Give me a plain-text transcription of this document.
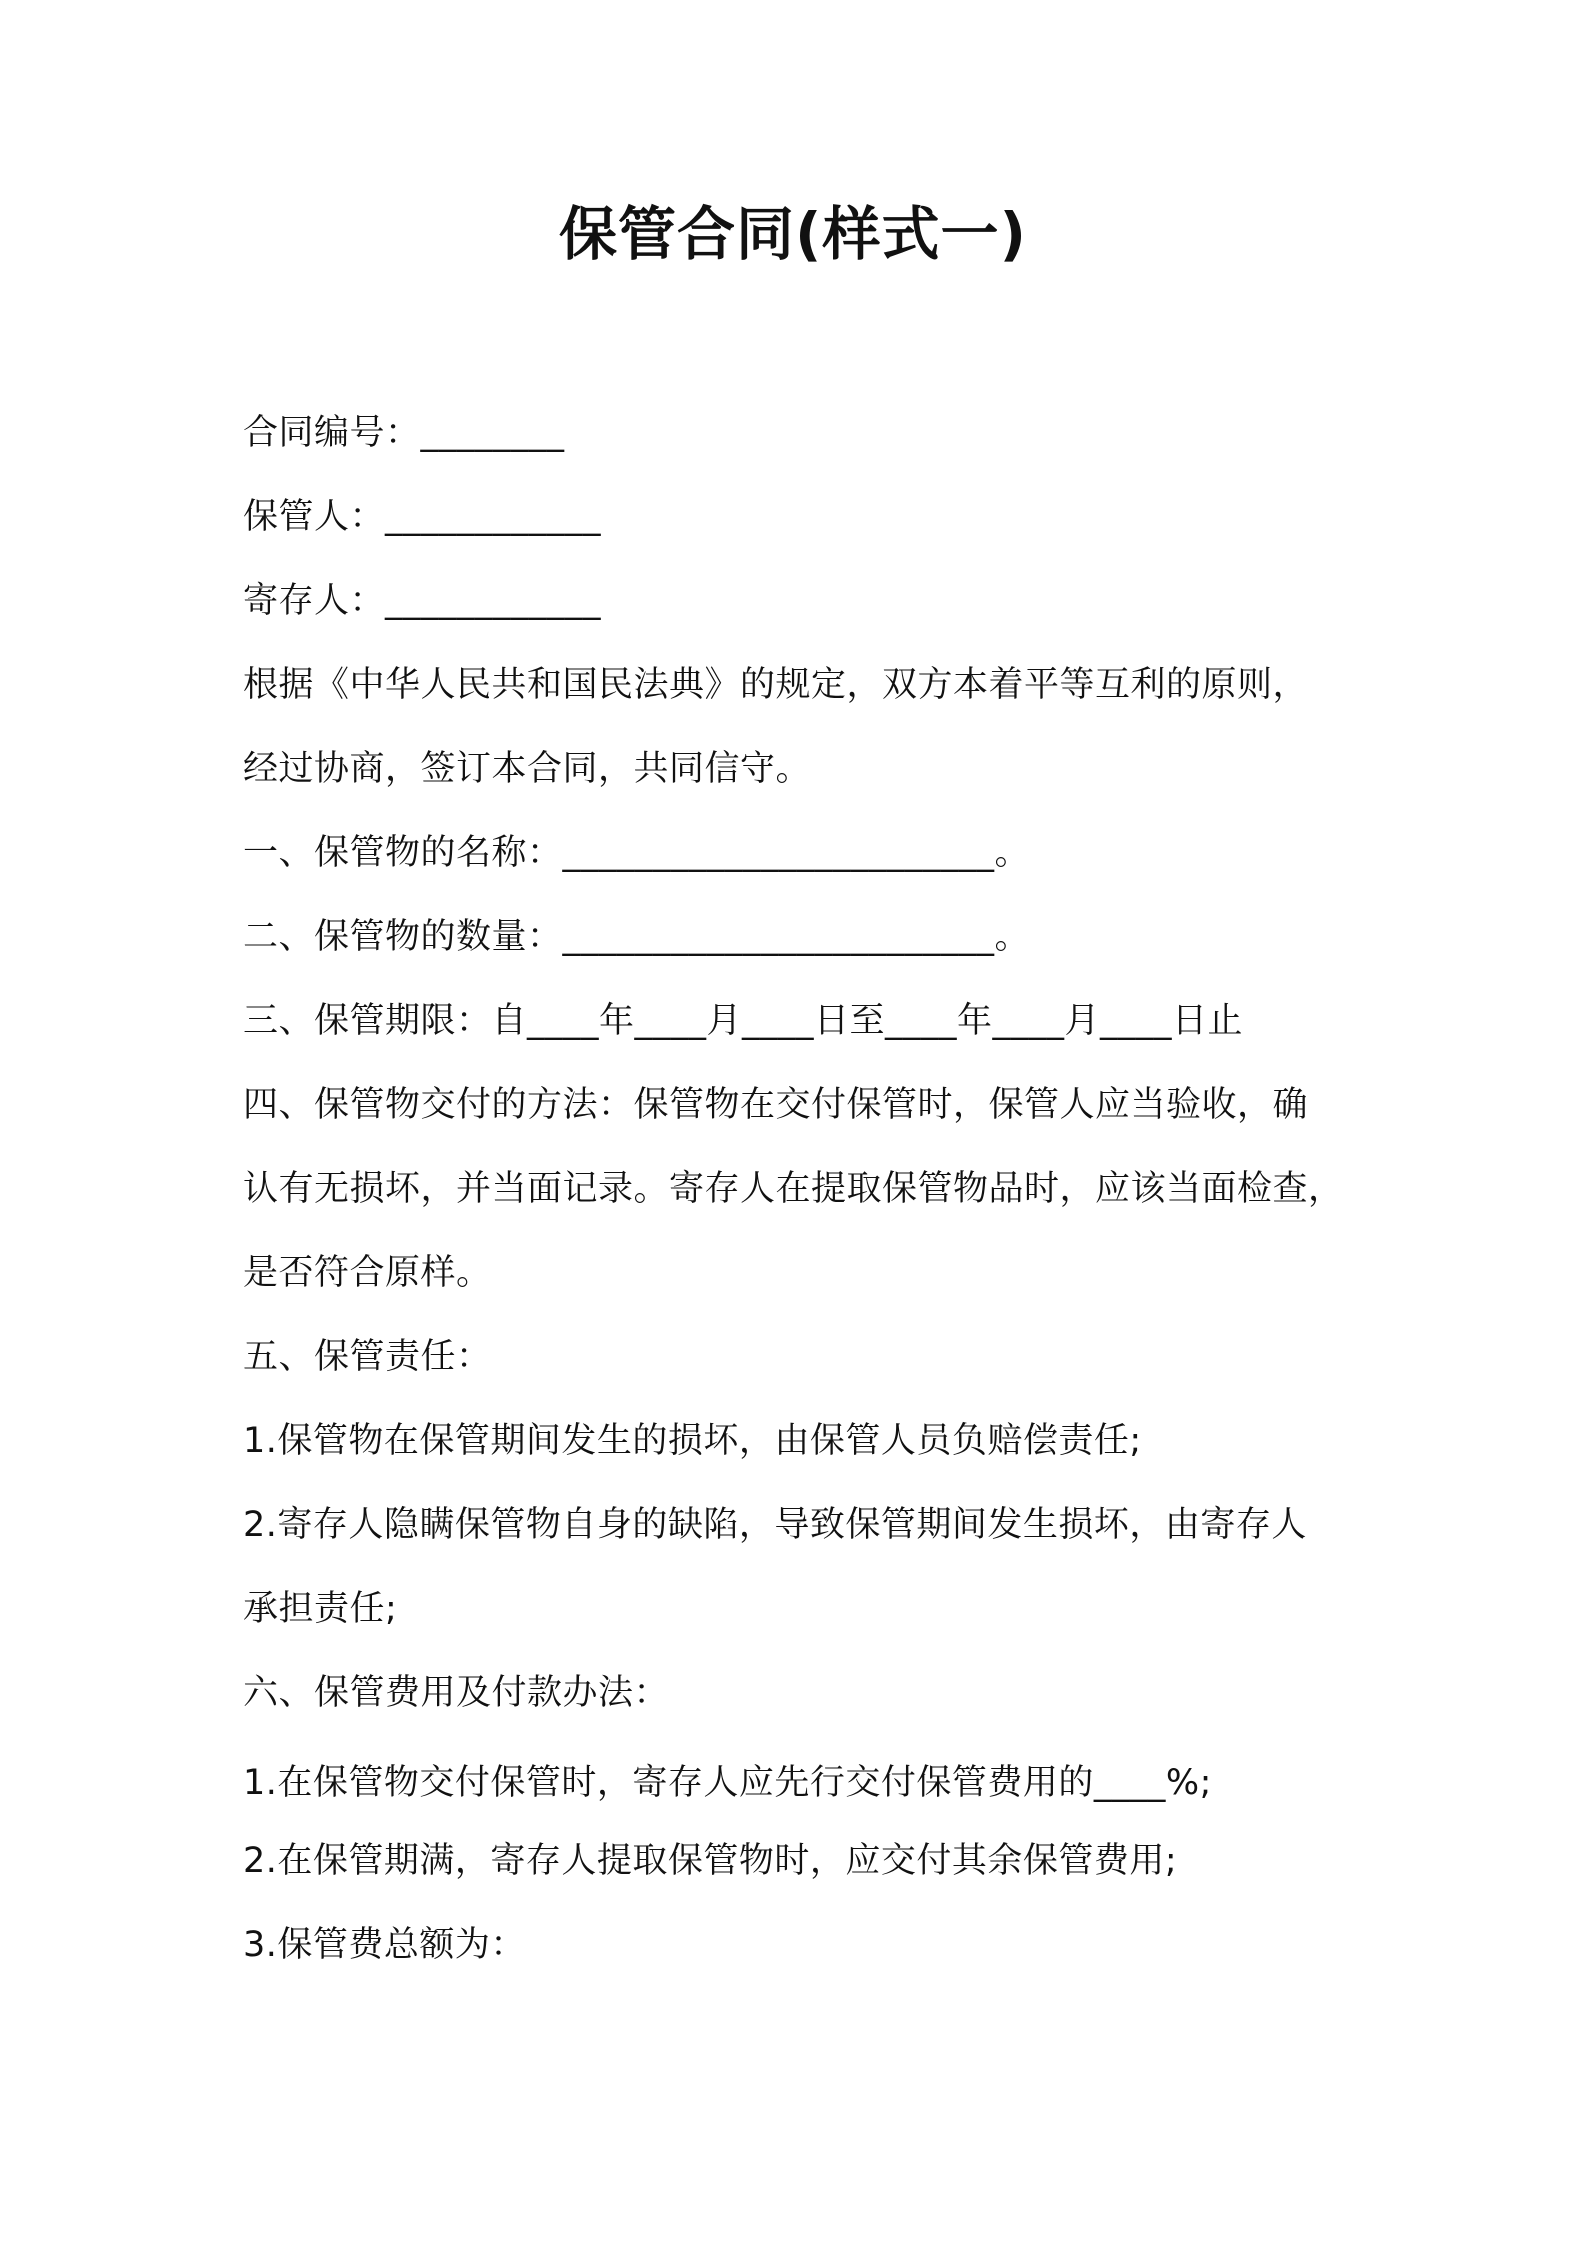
保管合同(样式一)
合同编号：________
保管人：____________
寄存人：____________
根据《中华人民共和国民法典》的规定，双方本着平等互利的原则，
经过协商，签订本合同，共同信守。
一、保管物的名称：________________________。
二、保管物的数量：________________________。
三、保管期限：自____年____月____日至____年____月____日止
四、保管物交付的方法：保管物在交付保管时，保管人应当验收，确
认有无损坏，并当面记录。寄存人在提取保管物品时，应该当面检查，
是否符合原样。
五、保管责任：
1.保管物在保管期间发生的损坏，由保管人员负赔偿责任;
2.寄存人隐瞒保管物自身的缺陷，导致保管期间发生损坏，由寄存人
承担责任;
六、保管费用及付款办法：
1.在保管物交付保管时，寄存人应先行交付保管费用的____%;
2.在保管期满，寄存人提取保管物时，应交付其余保管费用;
3.保管费总额为：
